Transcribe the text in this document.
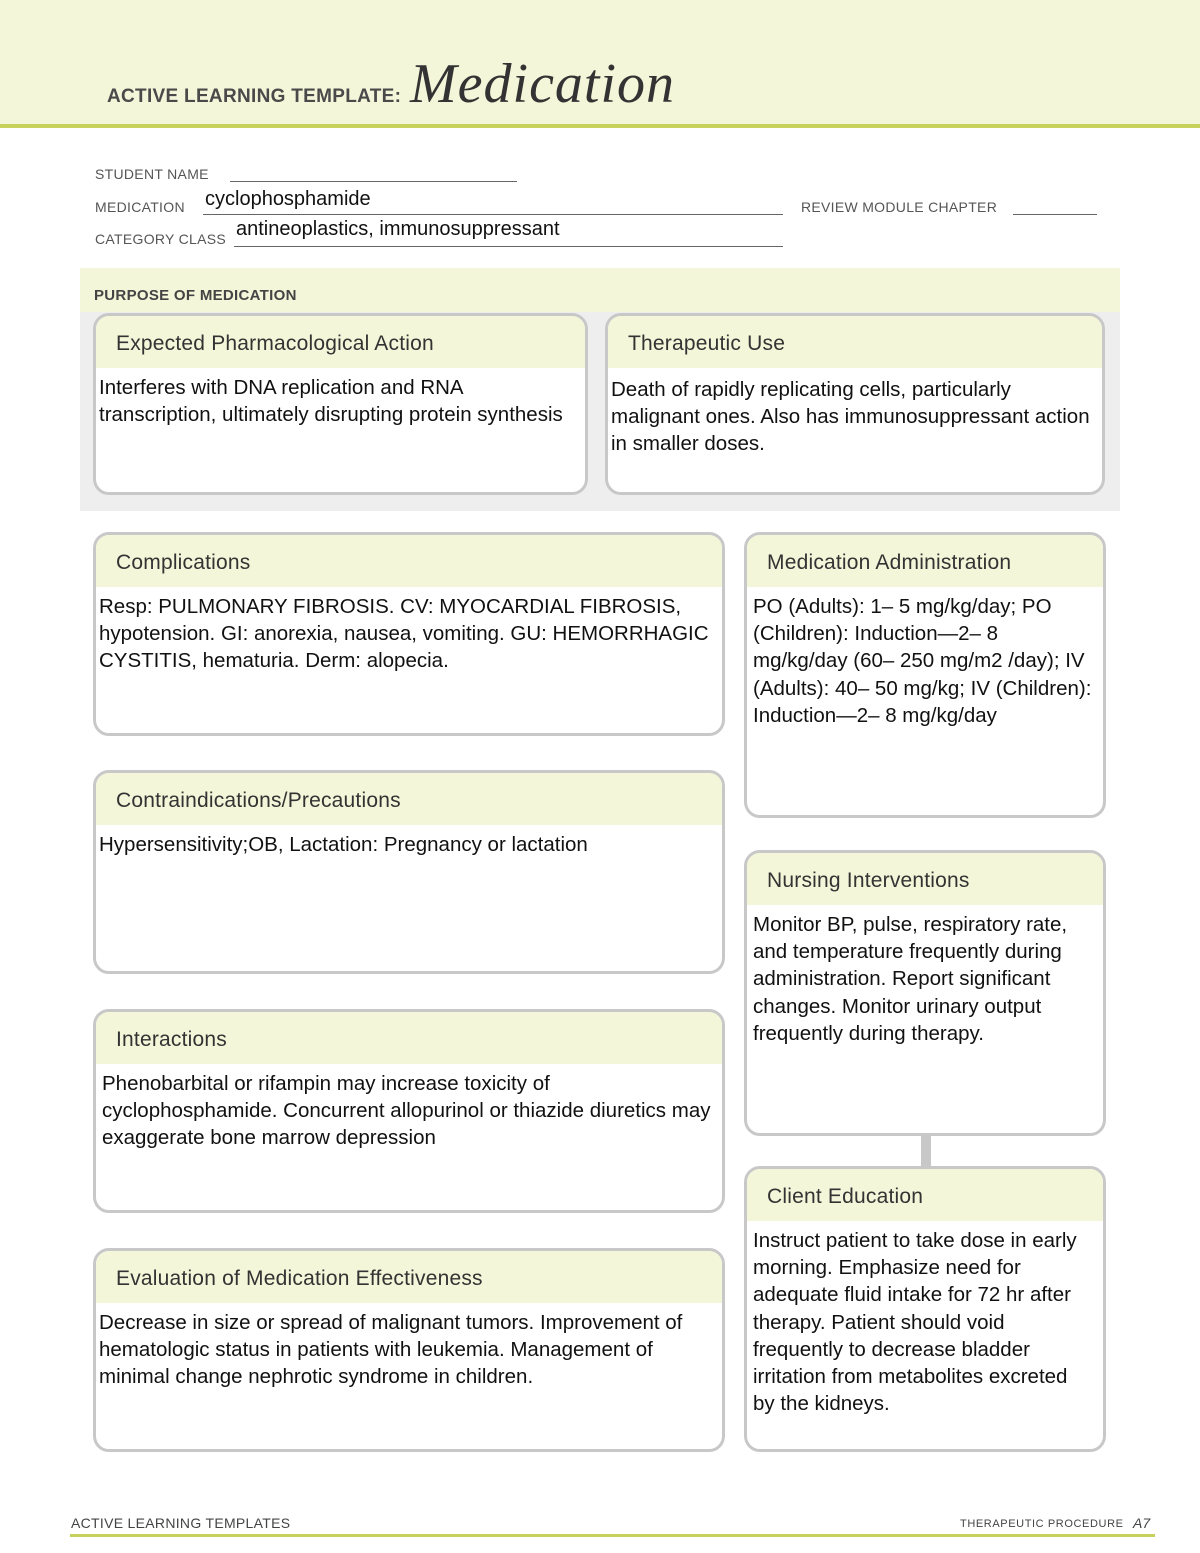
ACTIVE LEARNING TEMPLATE: Medication
STUDENT NAME
MEDICATION cyclophosphamide	REVIEW MODULE CHAPTER
CATEGORY CLASS antineoplastics, immunosuppressant
PURPOSE OF MEDICATION
Expected Pharmacological Action
Interferes with DNA replication and RNA transcription, ultimately disrupting protein synthesis
Therapeutic Use
Death of rapidly replicating cells, particularly malignant ones. Also has immunosuppressant action in smaller doses.
Complications
Resp: PULMONARY FIBROSIS. CV: MYOCARDIAL FIBROSIS, hypotension. GI: anorexia, nausea, vomiting. GU: HEMORRHAGIC CYSTITIS, hematuria. Derm: alopecia.
Contraindications/Precautions
Hypersensitivity;OB, Lactation: Pregnancy or lactation
Interactions
Phenobarbital or rifampin may increase toxicity of cyclophosphamide. Concurrent allopurinol or thiazide diuretics may exaggerate bone marrow depression
Evaluation of Medication Effectiveness
Decrease in size or spread of malignant tumors. Improvement of hematologic status in patients with leukemia. Management of minimal change nephrotic syndrome in children.
Medication Administration
PO (Adults): 1– 5 mg/kg/day; PO (Children): Induction—2– 8 mg/kg/day (60– 250 mg/m2 /day); IV (Adults): 40– 50 mg/kg; IV (Children): Induction—2– 8 mg/kg/day
Nursing Interventions
Monitor BP, pulse, respiratory rate, and temperature frequently during administration. Report significant changes. Monitor urinary output frequently during therapy.
Client Education
Instruct patient to take dose in early morning. Emphasize need for adequate fluid intake for 72 hr after therapy. Patient should void frequently to decrease bladder irritation from metabolites excreted by the kidneys.
ACTIVE LEARNING TEMPLATES	THERAPEUTIC PROCEDURE A7
